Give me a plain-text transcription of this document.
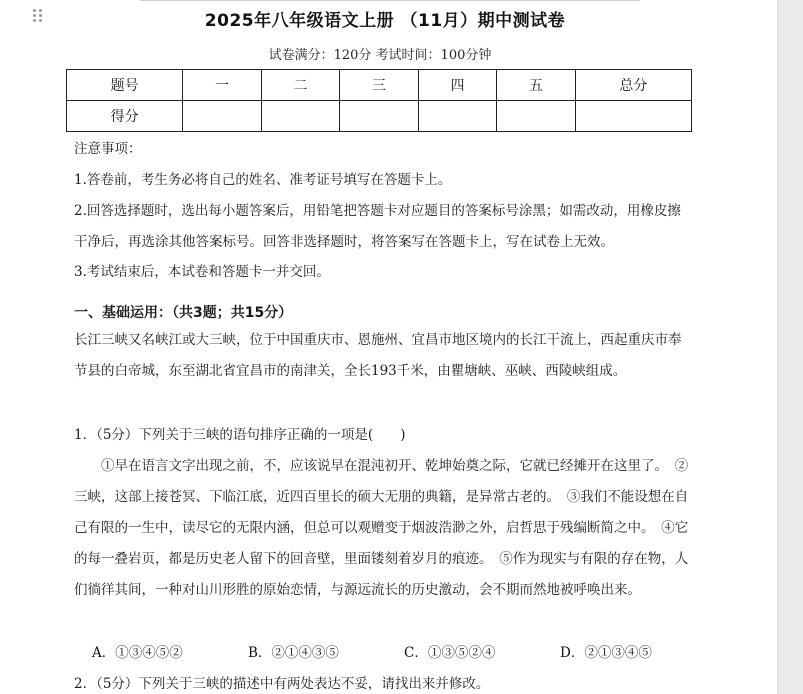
2025年八年级语文上册 （11月）期中测试卷
试卷满分：120分 考试时间：100分钟
题号	一	二	三	四	五	总分
得分						
注意事项：
1.答卷前，考生务必将自己的姓名、准考证号填写在答题卡上。
2.回答选择题时，选出每小题答案后，用铅笔把答题卡对应题目的答案标号涂黑；如需改动，用橡皮擦干净后，再选涂其他答案标号。回答非选择题时，将答案写在答题卡上，写在试卷上无效。
3.考试结束后，本试卷和答题卡一并交回。
一、基础运用：（共3题；共15分）
长江三峡又名峡江或大三峡，位于中国重庆市、恩施州、宜昌市地区境内的长江干流上，西起重庆市奉节县的白帝城，东至湖北省宜昌市的南津关，全长193千米，由瞿塘峡、巫峡、西陵峡组成。
1．（5分）下列关于三峡的语句排序正确的一项是(　　)
①早在语言文字出现之前，不，应该说早在混沌初开、乾坤始奠之际，它就已经摊开在这里了。　②三峡，这部上接苍冥、下临江底，近四百里长的硕大无朋的典籍，是异常古老的。　③我们不能设想在自己有限的一生中，读尽它的无限内涵，但总可以观赠变于烟波浩渺之外，启哲思于残编断简之中。　④它的每一叠岩页，都是历史老人留下的回音壁，里面镂刻着岁月的痕迹。　⑤作为现实与有限的存在物，人们徜徉其间，一种对山川形胜的原始恋情，与源远流长的历史激动，会不期而然地被呼唤出来。
A．①③④⑤②	B．②①④③⑤	C．①③⑤②④	D．②①③④⑤
2．（5分）下列关于三峡的描述中有两处表达不妥，请找出来并修改。
